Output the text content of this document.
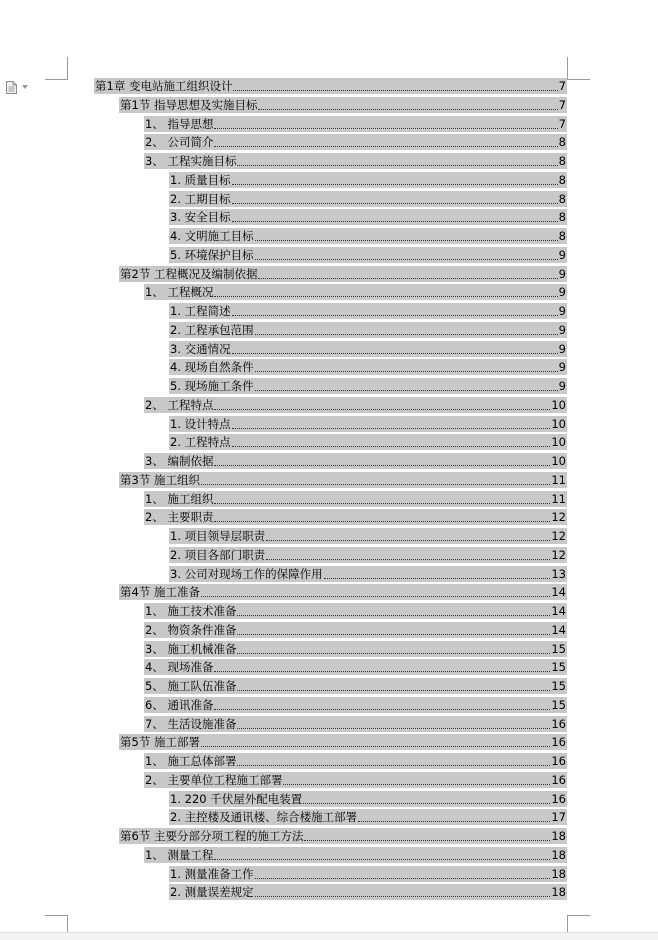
第1章 变电站施工组织设计	7
第1节 指导思想及实施目标	7
1、 指导思想	7
2、 公司简介	8
3、 工程实施目标	8
1. 质量目标	8
2. 工期目标	8
3. 安全目标	8
4. 文明施工目标	8
5. 环境保护目标	9
第2节 工程概况及编制依据	9
1、 工程概况	9
1. 工程简述	9
2. 工程承包范围	9
3. 交通情况	9
4. 现场自然条件	9
5. 现场施工条件	9
2、 工程特点	10
1. 设计特点	10
2. 工程特点	10
3、 编制依据	10
第3节 施工组织	11
1、 施工组织	11
2、 主要职责	12
1. 项目领导层职责	12
2. 项目各部门职责	12
3. 公司对现场工作的保障作用	13
第4节 施工准备	14
1、 施工技术准备	14
2、 物资条件准备	14
3、 施工机械准备	15
4、 现场准备	15
5、 施工队伍准备	15
6、 通讯准备	15
7、 生活设施准备	16
第5节 施工部署	16
1、 施工总体部署	16
2、 主要单位工程施工部署	16
1. 220 千伏屋外配电装置	16
2. 主控楼及通讯楼、综合楼施工部署	17
第6节 主要分部分项工程的施工方法	18
1、 测量工程	18
1. 测量准备工作	18
2. 测量误差规定	18
